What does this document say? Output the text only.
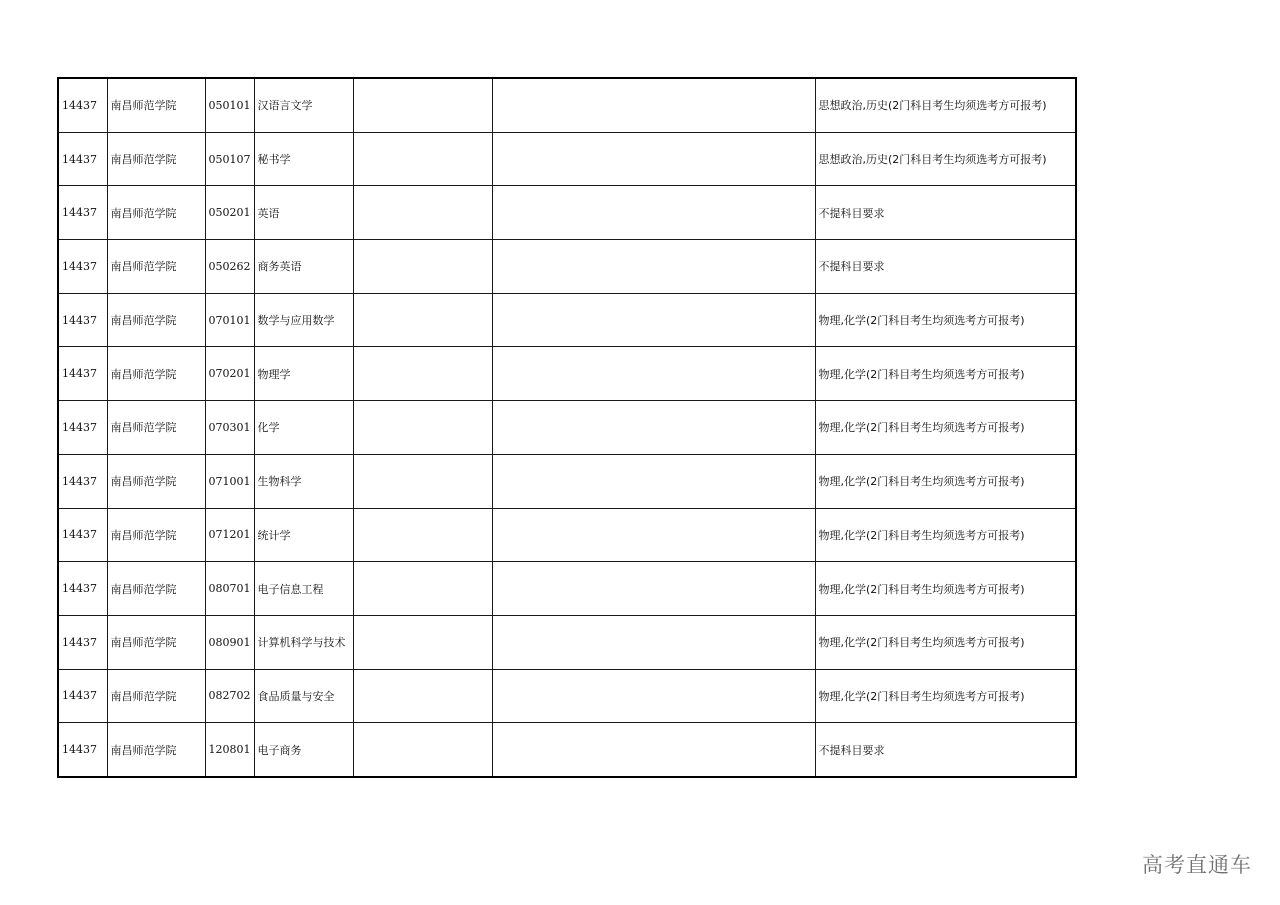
14437	南昌师范学院	050101	汉语言文学			思想政治,历史(2门科目考生均须选考方可报考)
14437	南昌师范学院	050107	秘书学			思想政治,历史(2门科目考生均须选考方可报考)
14437	南昌师范学院	050201	英语			不提科目要求
14437	南昌师范学院	050262	商务英语			不提科目要求
14437	南昌师范学院	070101	数学与应用数学			物理,化学(2门科目考生均须选考方可报考)
14437	南昌师范学院	070201	物理学			物理,化学(2门科目考生均须选考方可报考)
14437	南昌师范学院	070301	化学			物理,化学(2门科目考生均须选考方可报考)
14437	南昌师范学院	071001	生物科学			物理,化学(2门科目考生均须选考方可报考)
14437	南昌师范学院	071201	统计学			物理,化学(2门科目考生均须选考方可报考)
14437	南昌师范学院	080701	电子信息工程			物理,化学(2门科目考生均须选考方可报考)
14437	南昌师范学院	080901	计算机科学与技术			物理,化学(2门科目考生均须选考方可报考)
14437	南昌师范学院	082702	食品质量与安全			物理,化学(2门科目考生均须选考方可报考)
14437	南昌师范学院	120801	电子商务			不提科目要求
高考直通车
